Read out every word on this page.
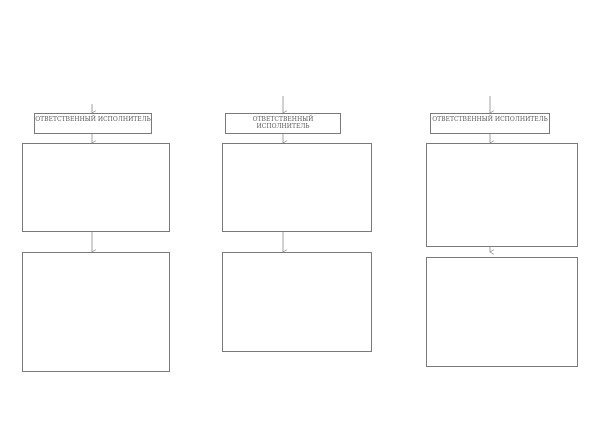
ОТВЕТСТВЕННЫЙ ИСПОЛНИТЕЛЬ	ОТВЕТСТВЕННЫЙ ИСПОЛНИТЕЛЬ
ОТВЕТСТВЕННЫЙ ИСПОЛНИТЕЛЬ
